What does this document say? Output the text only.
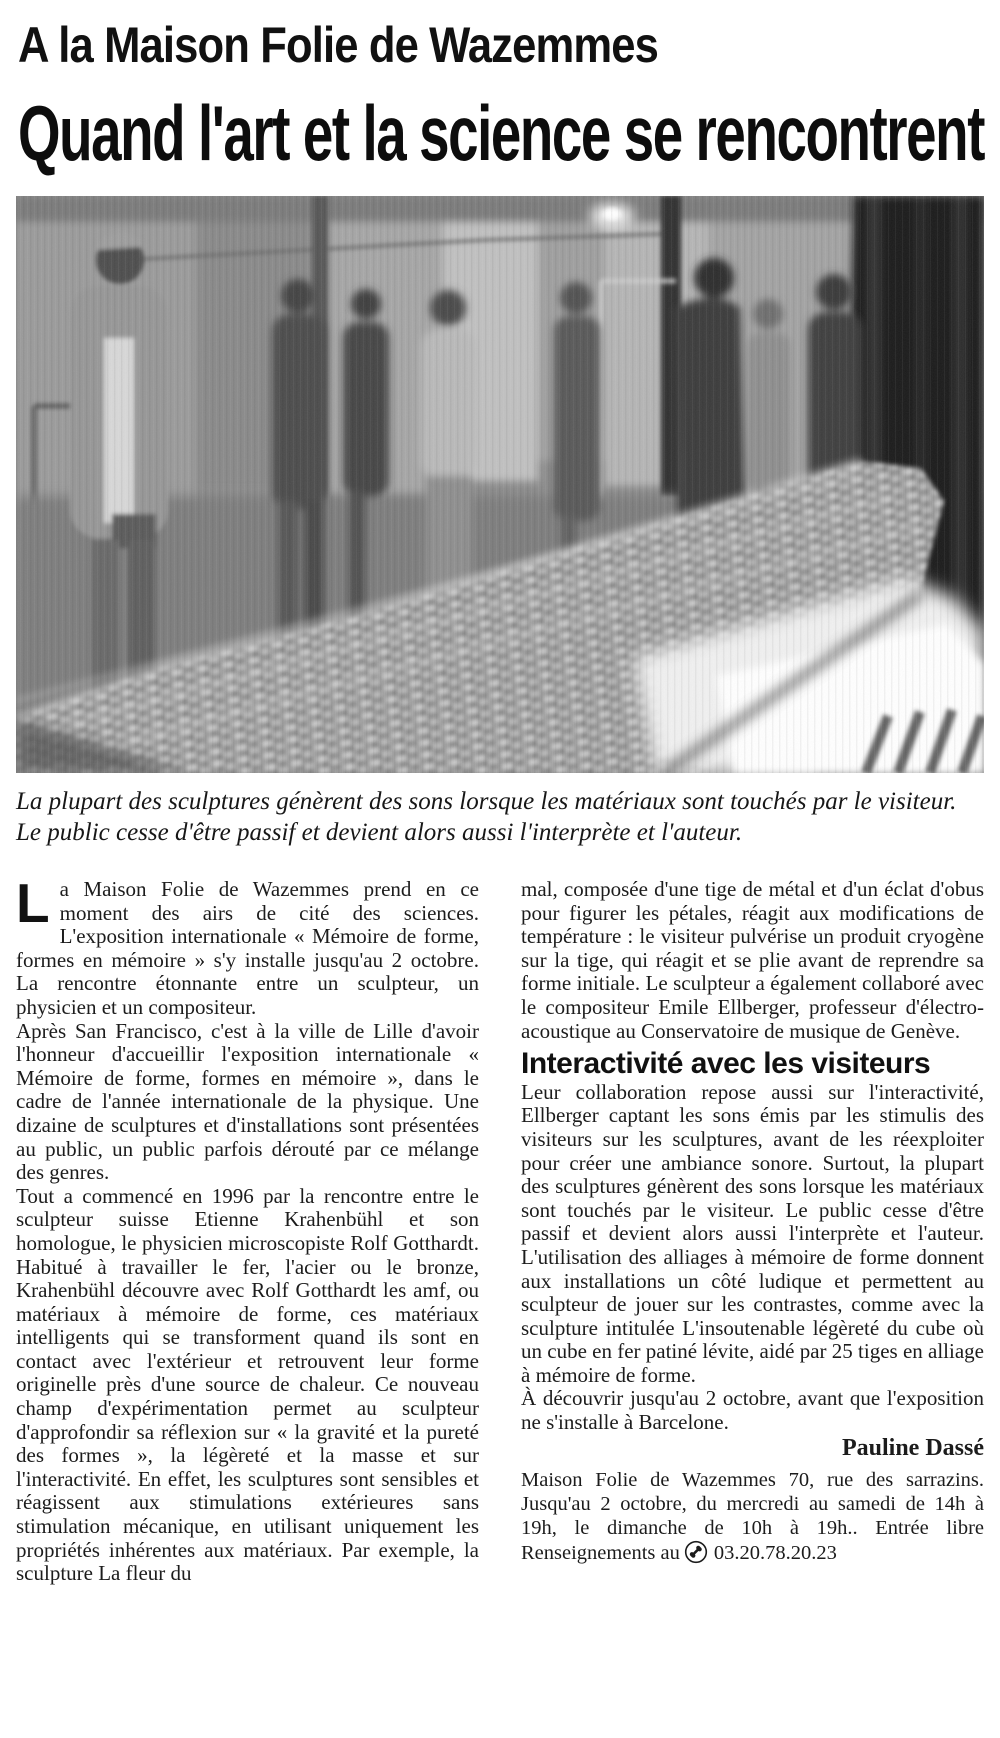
A la Maison Folie de Wazemmes
Quand l'art et la science se rencontrent

La plupart des sculptures génèrent des sons lorsque les matériaux sont touchés par le visiteur.
Le public cesse d'être passif et devient alors aussi l'interprète et l'auteur.

La Maison Folie de Wazemmes prend en ce moment des airs de cité des sciences. L'exposition internationale « Mémoire de forme, formes en mémoire » s'y installe jusqu'au 2 octobre. La rencontre étonnante entre un sculpteur, un physicien et un compositeur.

Après San Francisco, c'est à la ville de Lille d'avoir l'honneur d'accueillir l'exposition internationale « Mémoire de forme, formes en mémoire », dans le cadre de l'année internationale de la physique. Une dizaine de sculptures et d'installations sont présentées au public, un public parfois dérouté par ce mélange des genres.

Tout a commencé en 1996 par la rencontre entre le sculpteur suisse Etienne Krahenbühl et son homologue, le physicien microscopiste Rolf Gotthardt. Habitué à travailler le fer, l'acier ou le bronze, Krahenbühl découvre avec Rolf Gotthardt les amf, ou matériaux à mémoire de forme, ces matériaux intelligents qui se transforment quand ils sont en contact avec l'extérieur et retrouvent leur forme originelle près d'une source de chaleur. Ce nouveau champ d'expérimentation permet au sculpteur d'approfondir sa réflexion sur « la gravité et la pureté des formes », la légèreté et la masse et sur l'interactivité. En effet, les sculptures sont sensibles et réagissent aux stimulations extérieures sans stimulation mécanique, en utilisant uniquement les propriétés inhérentes aux matériaux. Par exemple, la sculpture La fleur du

mal, composée d'une tige de métal et d'un éclat d'obus pour figurer les pétales, réagit aux modifications de température : le visiteur pulvérise un produit cryogène sur la tige, qui réagit et se plie avant de reprendre sa forme initiale. Le sculpteur a également collaboré avec le compositeur Emile Ellberger, professeur d'électro-acoustique au Conservatoire de musique de Genève.

Interactivité avec les visiteurs

Leur collaboration repose aussi sur l'interactivité, Ellberger captant les sons émis par les stimulis des visiteurs sur les sculptures, avant de les réexploiter pour créer une ambiance sonore. Surtout, la plupart des sculptures génèrent des sons lorsque les matériaux sont touchés par le visiteur. Le public cesse d'être passif et devient alors aussi l'interprète et l'auteur. L'utilisation des alliages à mémoire de forme donnent aux installations un côté ludique et permettent au sculpteur de jouer sur les contrastes, comme avec la sculpture intitulée L'insoutenable légèreté du cube où un cube en fer patiné lévite, aidé par 25 tiges en alliage à mémoire de forme.

À découvrir jusqu'au 2 octobre, avant que l'exposition ne s'installe à Barcelone.

Pauline Dassé

Maison Folie de Wazemmes 70, rue des sarrazins. Jusqu'au 2 octobre, du mercredi au samedi de 14h à 19h, le dimanche de 10h à 19h.. Entrée libre Renseignements au 03.20.78.20.23
